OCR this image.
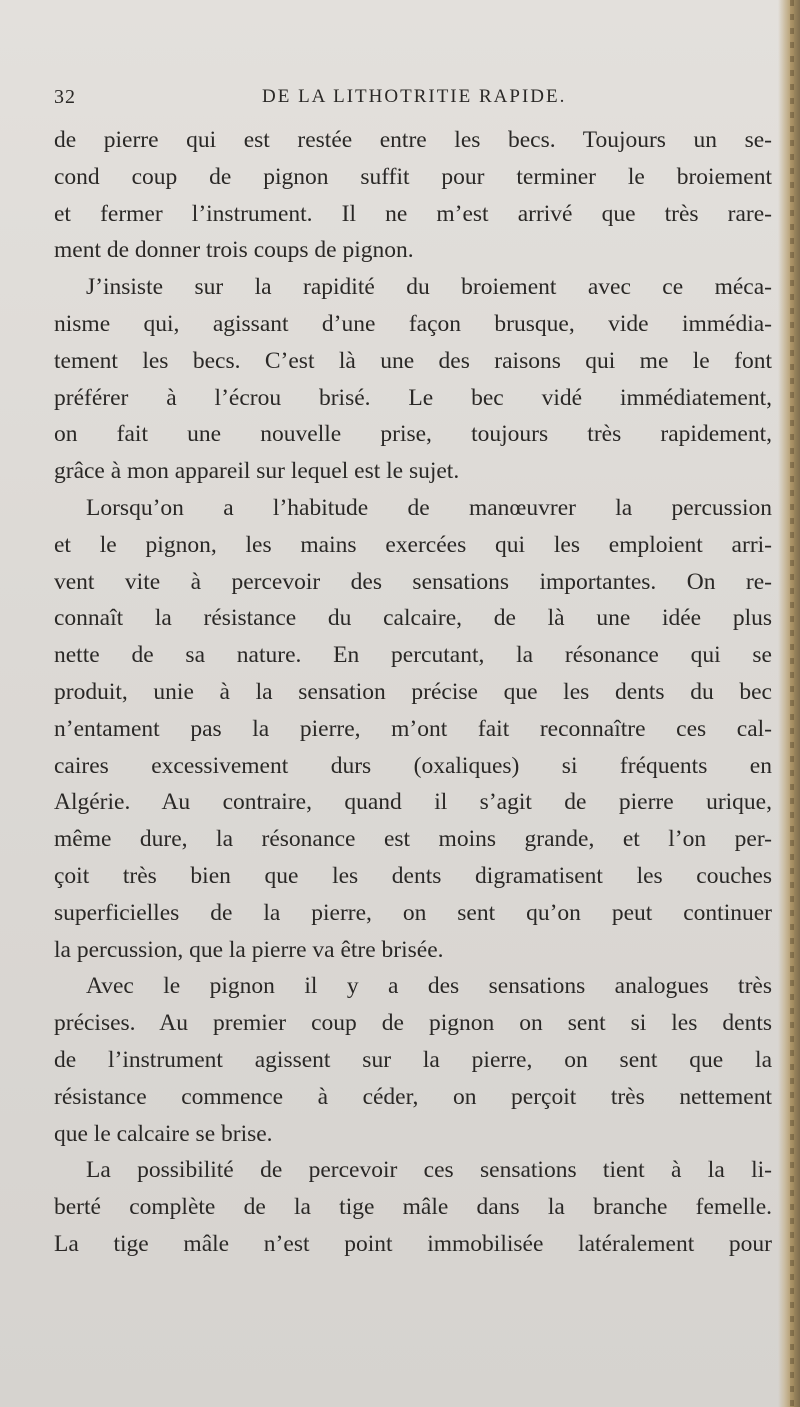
32	DE LA LITHOTRITIE RAPIDE.
de pierre qui est restée entre les becs. Toujours un se-
cond coup de pignon suffit pour terminer le broiement
et fermer l’instrument. Il ne m’est arrivé que très rare-
ment de donner trois coups de pignon.
J’insiste sur la rapidité du broiement avec ce méca-
nisme qui, agissant d’une façon brusque, vide immédia-
tement les becs. C’est là une des raisons qui me le font
préférer à l’écrou brisé. Le bec vidé immédiatement,
on fait une nouvelle prise, toujours très rapidement,
grâce à mon appareil sur lequel est le sujet.
Lorsqu’on a l’habitude de manœuvrer la percussion
et le pignon, les mains exercées qui les emploient arri-
vent vite à percevoir des sensations importantes. On re-
connaît la résistance du calcaire, de là une idée plus
nette de sa nature. En percutant, la résonance qui se
produit, unie à la sensation précise que les dents du bec
n’entament pas la pierre, m’ont fait reconnaître ces cal-
caires excessivement durs (oxaliques) si fréquents en
Algérie. Au contraire, quand il s’agit de pierre urique,
même dure, la résonance est moins grande, et l’on per-
çoit très bien que les dents digramatisent les couches
superficielles de la pierre, on sent qu’on peut continuer
la percussion, que la pierre va être brisée.
Avec le pignon il y a des sensations analogues très
précises. Au premier coup de pignon on sent si les dents
de l’instrument agissent sur la pierre, on sent que la
résistance commence à céder, on perçoit très nettement
que le calcaire se brise.
La possibilité de percevoir ces sensations tient à la li-
berté complète de la tige mâle dans la branche femelle.
La tige mâle n’est point immobilisée latéralement pour
